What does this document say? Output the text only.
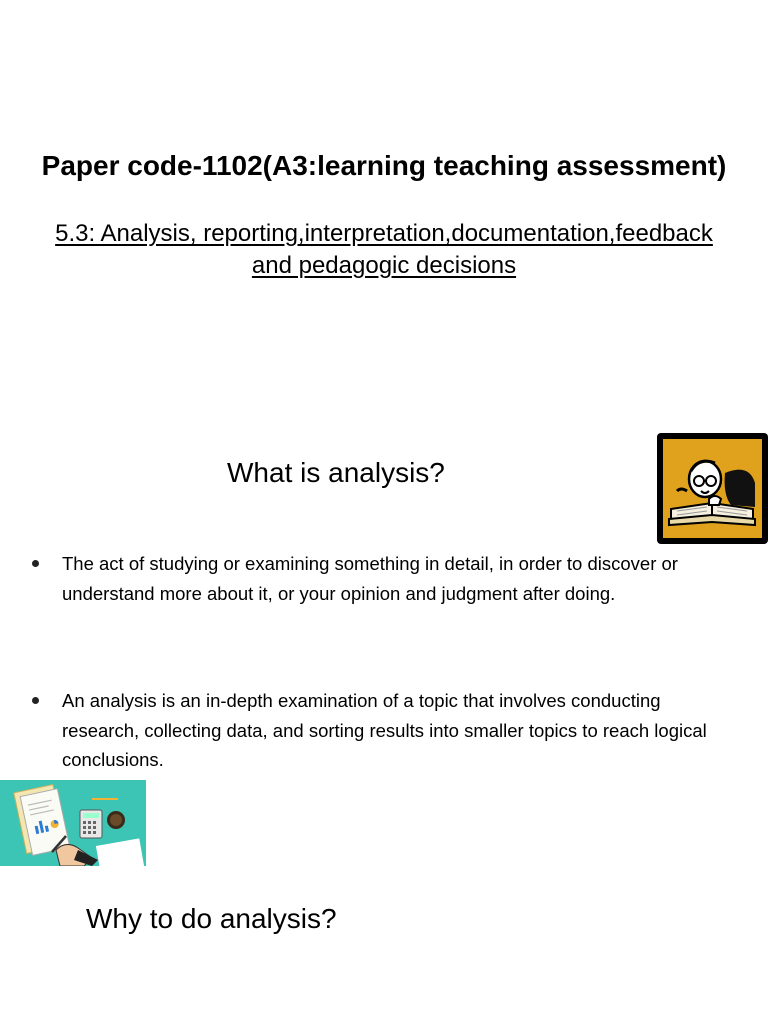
Paper code-1102(A3:learning teaching assessment)
5.3: Analysis, reporting,interpretation,documentation,feedback
and pedagogic decisions
What is analysis?
The act of studying or examining something in detail, in order to discover or understand more about it, or your opinion and judgment after doing.
An analysis is an in-depth examination of a topic that involves conducting research, collecting data, and sorting results into smaller topics to reach logical conclusions.
Why to do analysis?
